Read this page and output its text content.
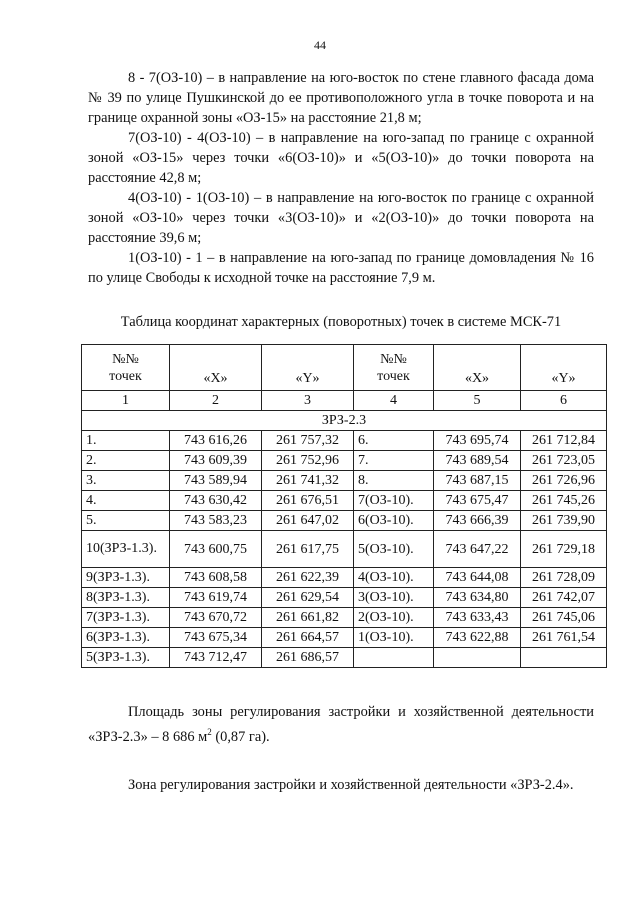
44

8 - 7(ОЗ-10) – в направление на юго-восток по стене главного фасада дома № 39 по улице Пушкинской до ее противоположного угла в точке поворота и на границе охранной зоны «ОЗ-15» на расстояние 21,8 м;

7(ОЗ-10) - 4(ОЗ-10) – в направление на юго-запад по границе с охранной зоной «ОЗ-15» через точки «6(ОЗ-10)» и «5(ОЗ-10)» до точки поворота на расстояние 42,8 м;

4(ОЗ-10) - 1(ОЗ-10) – в направление на юго-восток по границе с охранной зоной «ОЗ-10» через точки «3(ОЗ-10)» и «2(ОЗ-10)» до точки поворота на расстояние 39,6 м;

1(ОЗ-10) - 1 – в направление на юго-запад по границе домовладения № 16 по улице Свободы к исходной точке на расстояние 7,9 м.

Таблица координат характерных (поворотных) точек в системе МСК-71
№№
точек	«X»	«Y»	№№
точек	«X»	«Y»
1	2	3	4	5	6
ЗРЗ-2.3					
1.	743 616,26	261 757,32	6.	743 695,74	261 712,84
2.	743 609,39	261 752,96	7.	743 689,54	261 723,05
3.	743 589,94	261 741,32	8.	743 687,15	261 726,96
4.	743 630,42	261 676,51	7(ОЗ-10).	743 675,47	261 745,26
5.	743 583,23	261 647,02	6(ОЗ-10).	743 666,39	261 739,90
10(ЗРЗ-1.3).	743 600,75	261 617,75	5(ОЗ-10).	743 647,22	261 729,18
9(ЗРЗ-1.3).	743 608,58	261 622,39	4(ОЗ-10).	743 644,08	261 728,09
8(ЗРЗ-1.3).	743 619,74	261 629,54	3(ОЗ-10).	743 634,80	261 742,07
7(ЗРЗ-1.3).	743 670,72	261 661,82	2(ОЗ-10).	743 633,43	261 745,06
6(ЗРЗ-1.3).	743 675,34	261 664,57	1(ОЗ-10).	743 622,88	261 761,54
5(ЗРЗ-1.3).	743 712,47	261 686,57			

Площадь зоны регулирования застройки и хозяйственной деятельности «ЗРЗ-2.3» – 8 686 $м^2$ (0,87 га).

Зона регулирования застройки и хозяйственной деятельности «ЗРЗ-2.4».
